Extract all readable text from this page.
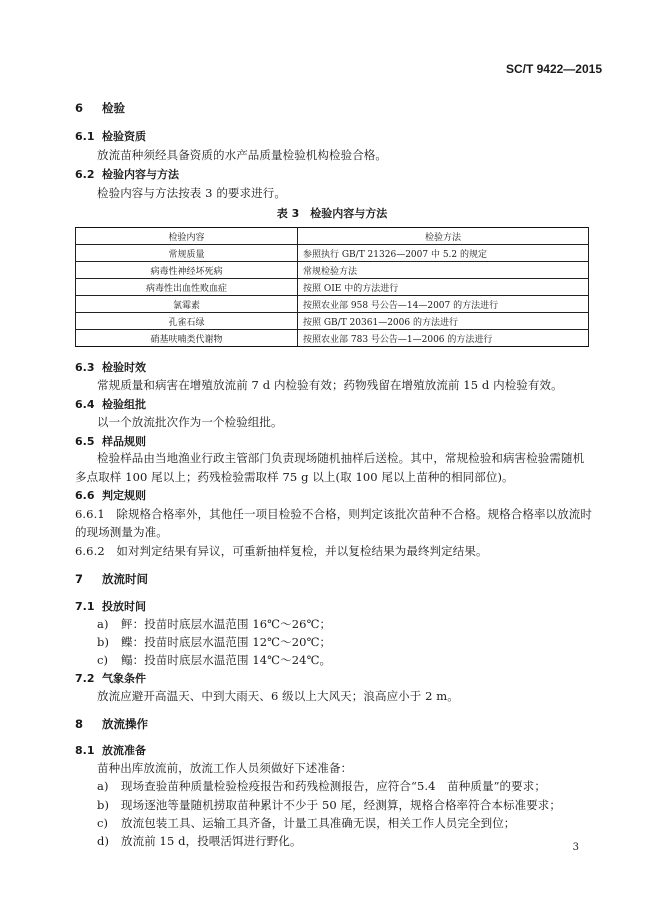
SC/T 9422—2015
6 检验
6.1 检验资质
放流苗种须经具备资质的水产品质量检验机构检验合格。
6.2 检验内容与方法
检验内容与方法按表 3 的要求进行。
表 3　检验内容与方法
检验内容	检验方法
常规质量	参照执行 GB/T 21326—2007 中 5.2 的规定
病毒性神经坏死病	常规检验方法
病毒性出血性败血症	按照 OIE 中的方法进行
氯霉素	按照农业部 958 号公告—14—2007 的方法进行
孔雀石绿	按照 GB/T 20361—2006 的方法进行
硝基呋喃类代谢物	按照农业部 783 号公告—1—2006 的方法进行
6.3 检验时效
常规质量和病害在增殖放流前 7 d 内检验有效；药物残留在增殖放流前 15 d 内检验有效。
6.4 检验组批
以一个放流批次作为一个检验组批。
6.5 样品规则
检验样品由当地渔业行政主管部门负责现场随机抽样后送检。其中，常规检验和病害检验需随机
多点取样 100 尾以上；药残检验需取样 75 g 以上(取 100 尾以上苗种的相同部位)。
6.6 判定规则
6.6.1　除规格合格率外，其他任一项目检验不合格，则判定该批次苗种不合格。规格合格率以放流时
的现场测量为准。
6.6.2　如对判定结果有异议，可重新抽样复检，并以复检结果为最终判定结果。
7 放流时间
7.1 投放时间
a) 鲆：投苗时底层水温范围 16℃～26℃；
b) 鲽：投苗时底层水温范围 12℃～20℃；
c) 鳎：投苗时底层水温范围 14℃～24℃。
7.2 气象条件
放流应避开高温天、中到大雨天、6 级以上大风天；浪高应小于 2 m。
8 放流操作
8.1 放流准备
苗种出库放流前，放流工作人员须做好下述准备：
a) 现场查验苗种质量检验检疫报告和药残检测报告，应符合“5.4　苗种质量”的要求；
b) 现场逐池等量随机捞取苗种累计不少于 50 尾，经测算，规格合格率符合本标准要求；
c) 放流包装工具、运输工具齐备，计量工具准确无误，相关工作人员完全到位；
d) 放流前 15 d，投喂活饵进行野化。	3
